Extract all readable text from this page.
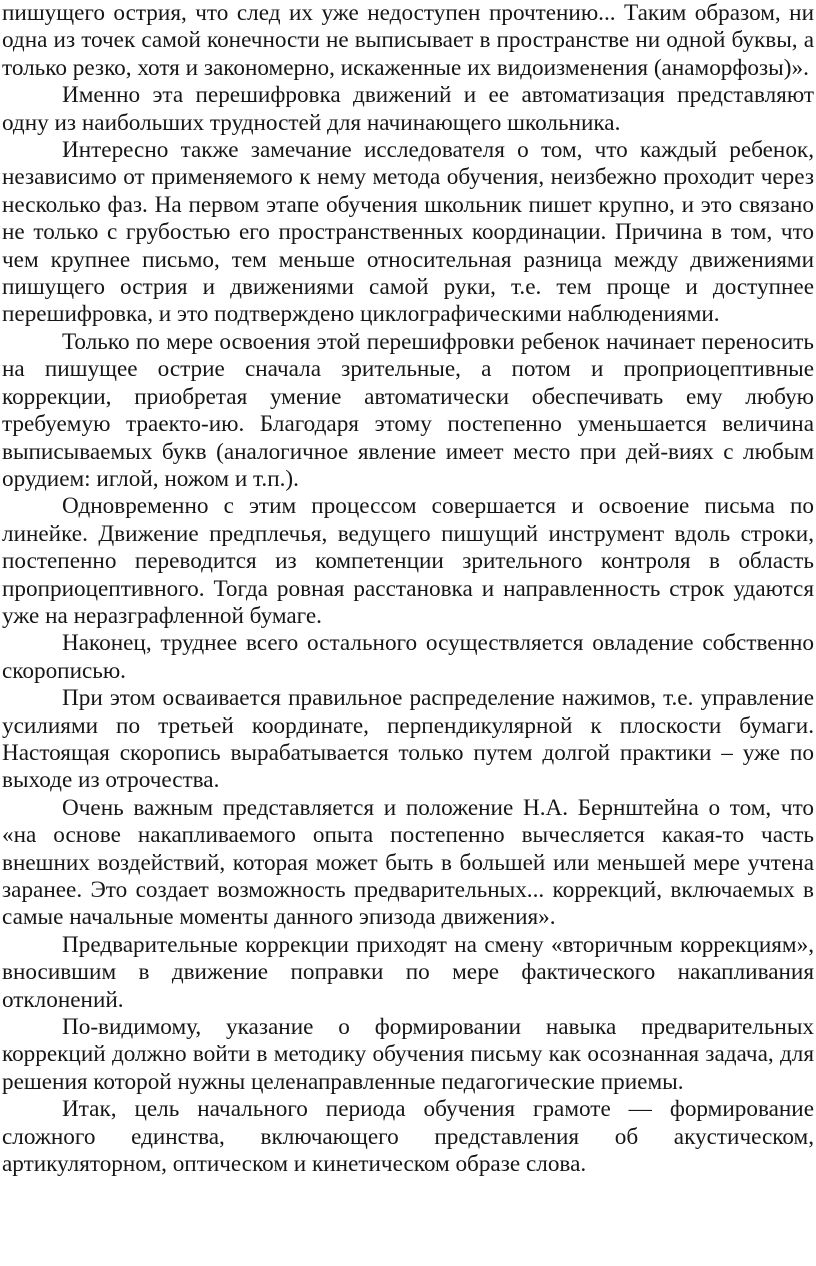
пишущего острия, что след их уже недоступен прочтению... Таким образом, ни одна из точек самой конечности не выписывает в пространстве ни одной буквы, а только резко, хотя и закономерно, искаженные их видоизменения (анаморфозы)».

Именно эта перешифровка движений и ее автоматизация представляют одну из наибольших трудностей для начинающего школьника.

Интересно также замечание исследователя о том, что каждый ребенок, независимо от применяемого к нему метода обучения, неизбежно проходит через несколько фаз. На первом этапе обучения школьник пишет крупно, и это связано не только с грубостью его пространственных координации. Причина в том, что чем крупнее письмо, тем меньше относительная разница между движениями пишущего острия и движениями самой руки, т.е. тем проще и доступнее перешифровка, и это подтверждено циклографическими наблюдениями.

Только по мере освоения этой перешифровки ребенок начинает переносить на пишущее острие сначала зрительные, а потом и проприоцептивные коррекции, приобретая умение автоматически обеспечивать ему любую требуемую траекто-ию. Благодаря этому постепенно уменьшается величина выписываемых букв (аналогичное явление имеет место при дей-виях с любым орудием: иглой, ножом и т.п.).

Одновременно с этим процессом совершается и освоение письма по линейке. Движение предплечья, ведущего пишущий инструмент вдоль строки, постепенно переводится из компетенции зрительного контроля в область проприоцептивного. Тогда ровная расстановка и направленность строк удаются уже на неразграфленной бумаге.

Наконец, труднее всего остального осуществляется овладение собственно скорописью.

При этом осваивается правильное распределение нажимов, т.е. управление усилиями по третьей координате, перпендикулярной к плоскости бумаги. Настоящая скоропись вырабатывается только путем долгой практики – уже по выходе из отрочества.

Очень важным представляется и положение Н.А. Бернштейна о том, что «на основе накапливаемого опыта постепенно вычесляется какая-то часть внешних воздействий, которая может быть в большей или меньшей мере учтена заранее. Это создает возможность предварительных... коррекций, включаемых в самые начальные моменты данного эпизода движения».

Предварительные коррекции приходят на смену «вторичным коррекциям», вносившим в движение поправки по мере фактического накапливания отклонений.

По-видимому, указание о формировании навыка предварительных коррекций должно войти в методику обучения письму как осознанная задача, для решения которой нужны целенаправленные педагогические приемы.

Итак, цель начального периода обучения грамоте — формирование сложного единства, включающего представления об акустическом, артикуляторном, оптическом и кинетическом образе слова.
